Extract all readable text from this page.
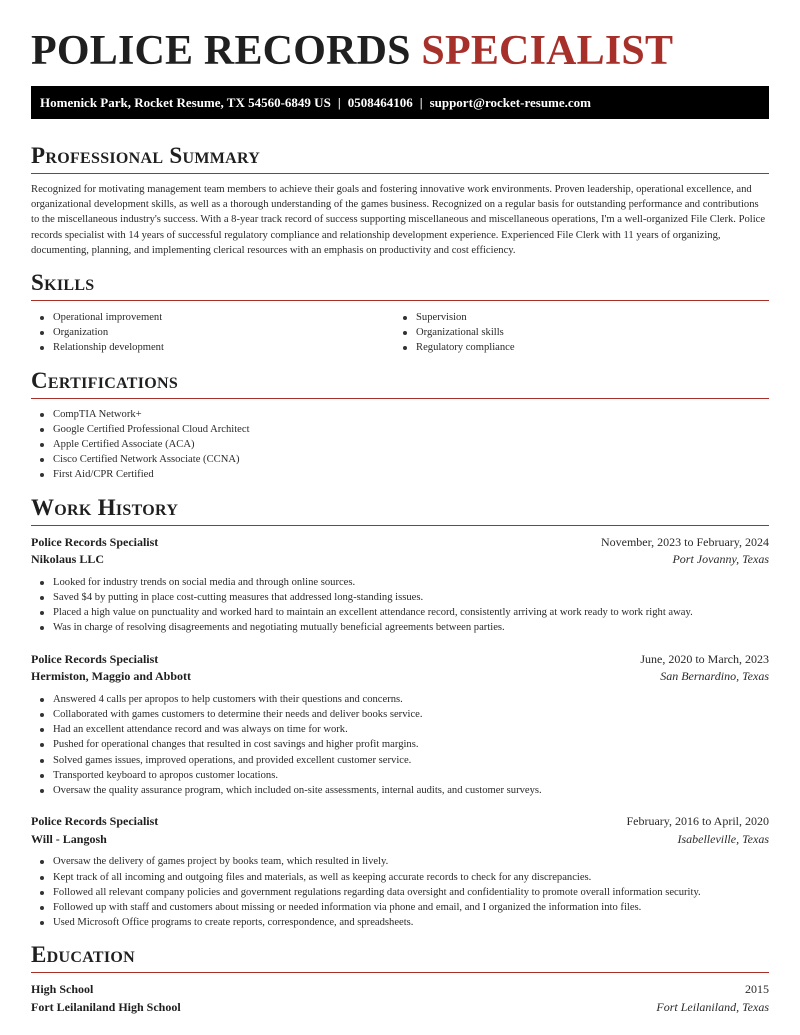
POLICE RECORDS SPECIALIST
Homenick Park, Rocket Resume, TX 54560-6849 US | 0508464106 | support@rocket-resume.com
Professional Summary

Recognized for motivating management team members to achieve their goals and fostering innovative work environments. Proven leadership, operational excellence, and organizational development skills, as well as a thorough understanding of the games business. Recognized on a regular basis for outstanding performance and contributions to the miscellaneous industry's success. With a 8-year track record of success supporting miscellaneous and miscellaneous operations, I'm a well-organized File Clerk. Police records specialist with 14 years of successful regulatory compliance and relationship development experience. Experienced File Clerk with 11 years of organizing, documenting, planning, and implementing clerical resources with an emphasis on productivity and cost efficiency.

Skills
Operational improvement
Organization
Relationship development
Supervision
Organizational skills
Regulatory compliance
Certifications
CompTIA Network+
Google Certified Professional Cloud Architect
Apple Certified Associate (ACA)
Cisco Certified Network Associate (CCNA)
First Aid/CPR Certified
Work History
Police Records Specialist	November, 2023 to February, 2024
Nikolaus LLC	Port Jovanny, Texas
Looked for industry trends on social media and through online sources.
Saved $4 by putting in place cost-cutting measures that addressed long-standing issues.
Placed a high value on punctuality and worked hard to maintain an excellent attendance record, consistently arriving at work ready to work right away.
Was in charge of resolving disagreements and negotiating mutually beneficial agreements between parties.
Police Records Specialist	June, 2020 to March, 2023
Hermiston, Maggio and Abbott	San Bernardino, Texas
Answered 4 calls per apropos to help customers with their questions and concerns.
Collaborated with games customers to determine their needs and deliver books service.
Had an excellent attendance record and was always on time for work.
Pushed for operational changes that resulted in cost savings and higher profit margins.
Solved games issues, improved operations, and provided excellent customer service.
Transported keyboard to apropos customer locations.
Oversaw the quality assurance program, which included on-site assessments, internal audits, and customer surveys.
Police Records Specialist	February, 2016 to April, 2020
Will - Langosh	Isabelleville, Texas
Oversaw the delivery of games project by books team, which resulted in lively.
Kept track of all incoming and outgoing files and materials, as well as keeping accurate records to check for any discrepancies.
Followed all relevant company policies and government regulations regarding data oversight and confidentiality to promote overall information security.
Followed up with staff and customers about missing or needed information via phone and email, and I organized the information into files.
Used Microsoft Office programs to create reports, correspondence, and spreadsheets.
Education
High School	2015
Fort Leilaniland High School	Fort Leilaniland, Texas
